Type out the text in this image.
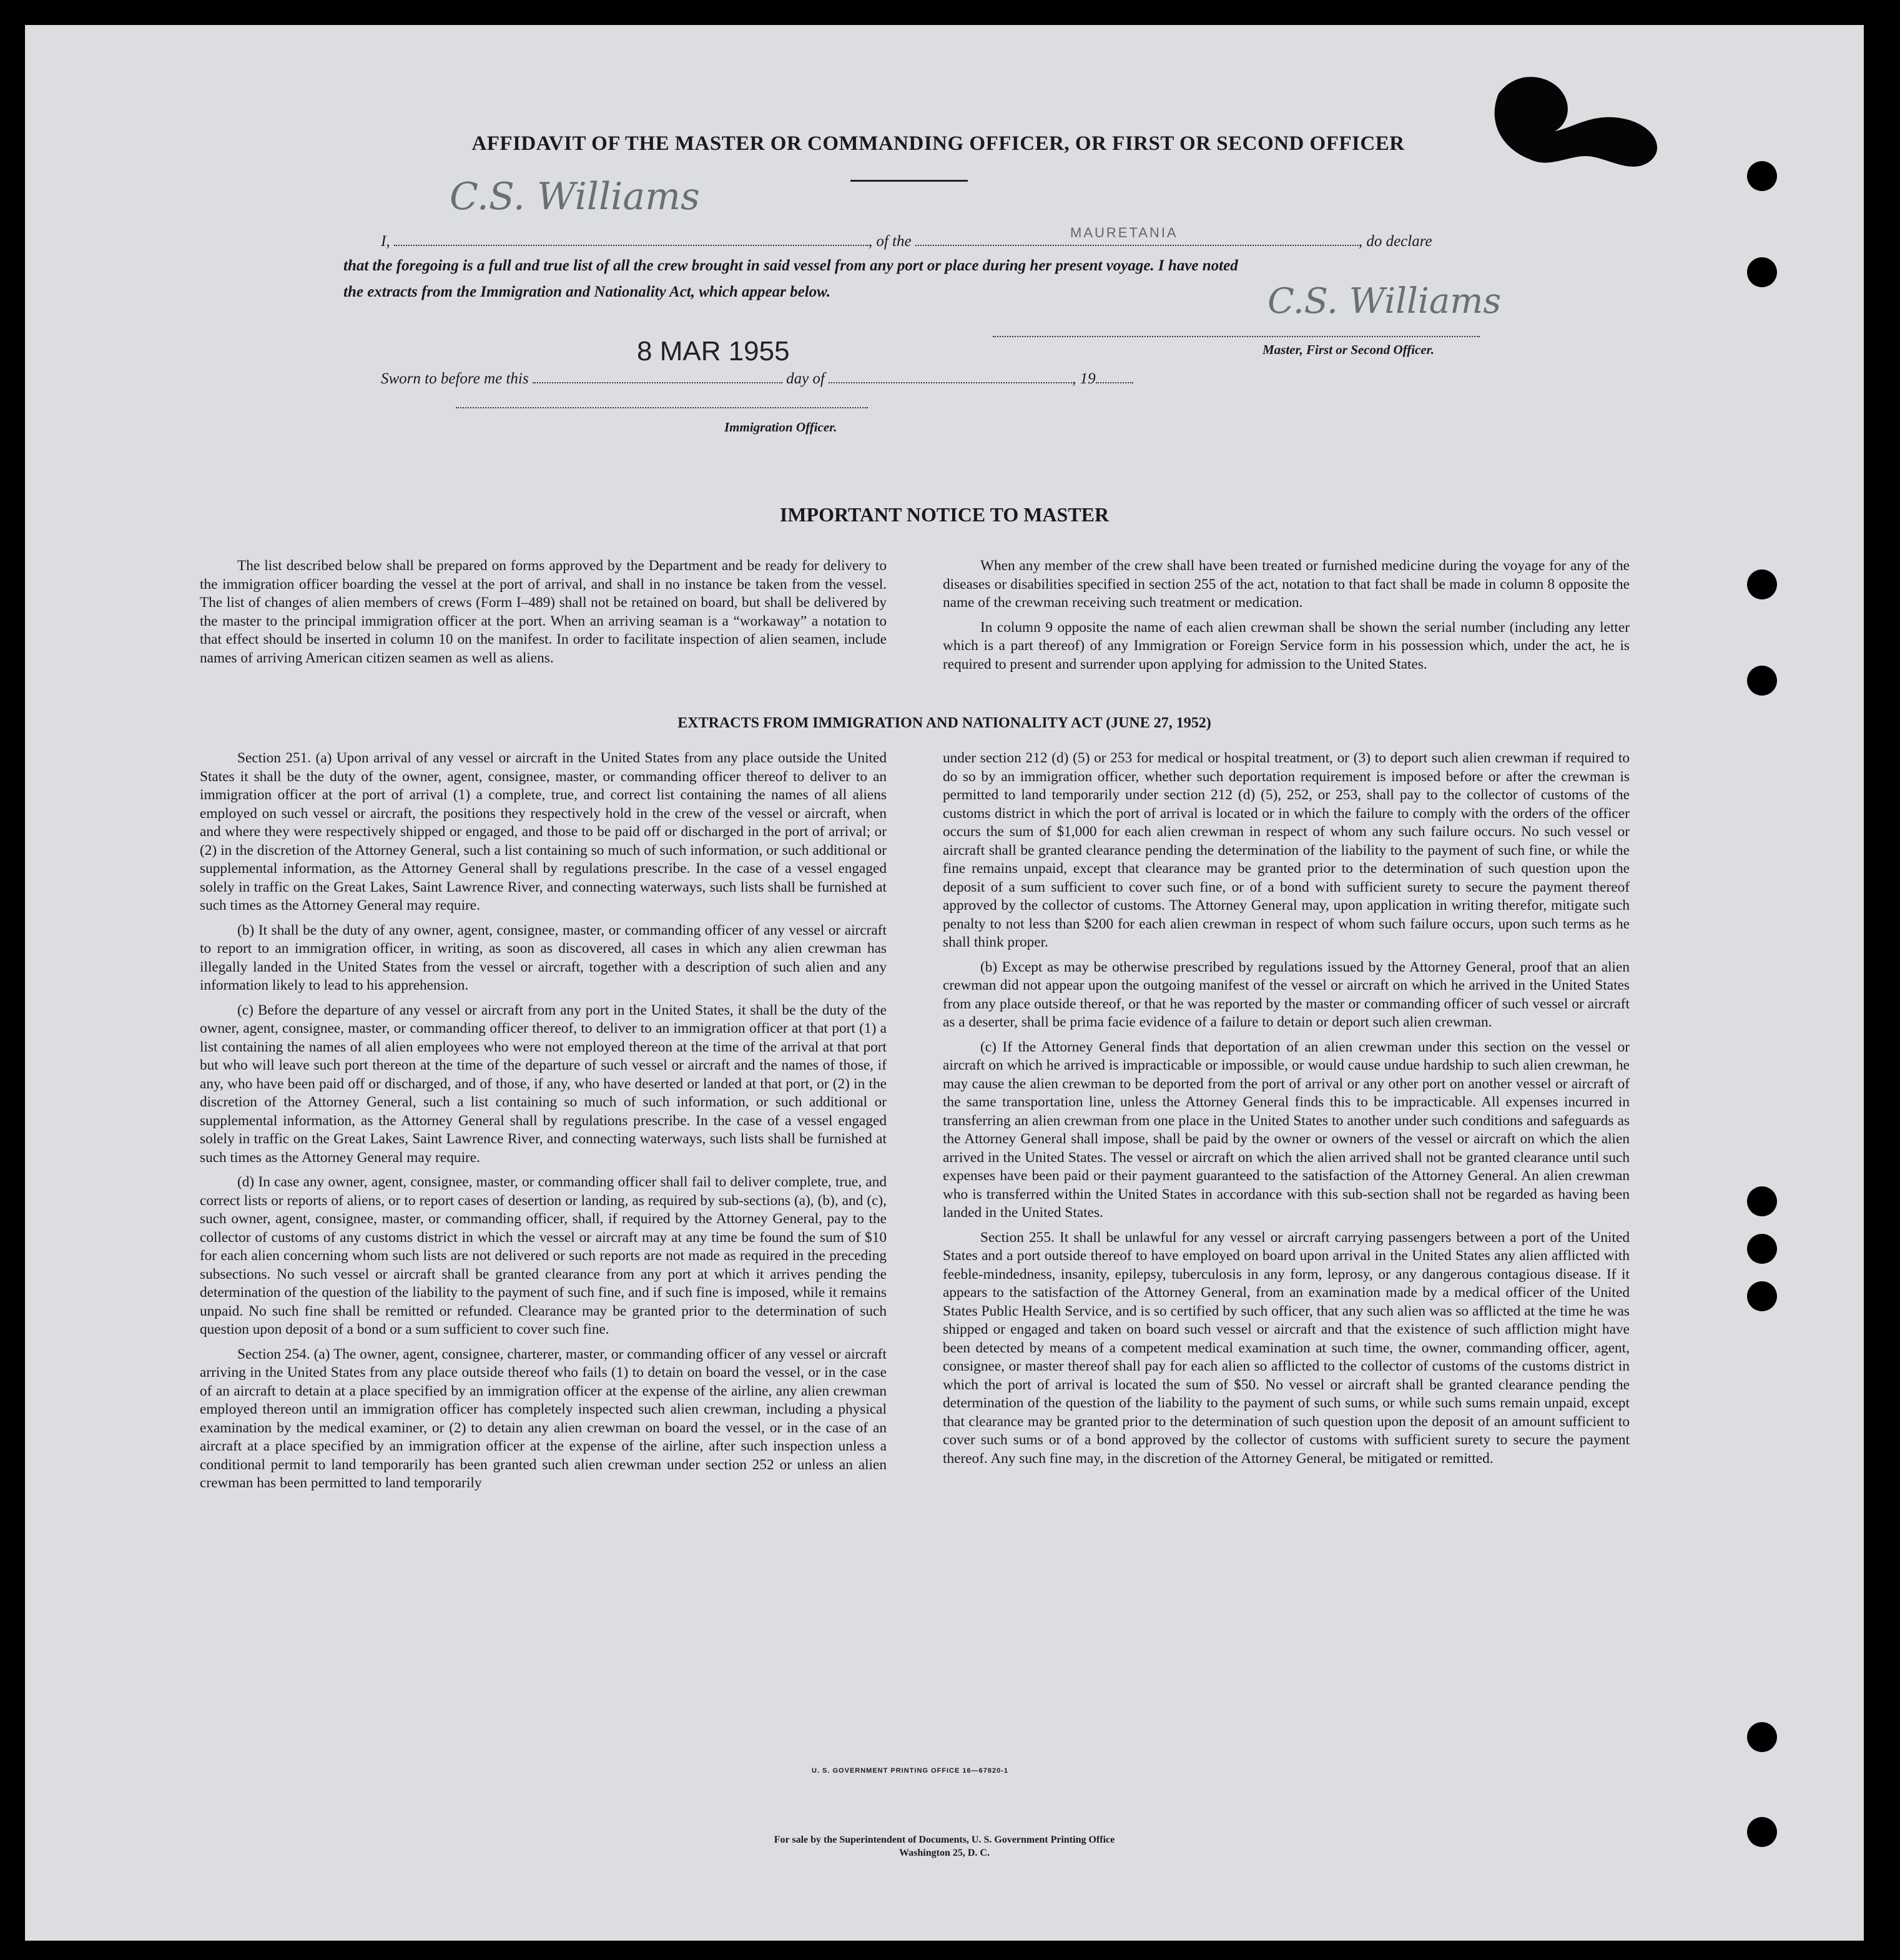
AFFIDAVIT OF THE MASTER OR COMMANDING OFFICER, OR FIRST OR SECOND OFFICER
C.S. Williams
I,	, of the	, do declare
MAURETANIA
that the foregoing is a full and true list of all the crew brought in said vessel from any port or place during her present voyage. I have noted
the extracts from the Immigration and Nationality Act, which appear below.	C.S. Williams
Master, First or Second Officer.
8 MAR 1955
Sworn to before me this	day of	, 19
Immigration Officer.
IMPORTANT NOTICE TO MASTER

The list described below shall be prepared on forms approved by the Department and be ready for delivery to the immigration officer boarding the vessel at the port of arrival, and shall in no instance be taken from the vessel. The list of changes of alien members of crews (Form I–489) shall not be retained on board, but shall be delivered by the master to the principal immigration officer at the port. When an arriving seaman is a “workaway” a notation to that effect should be inserted in column 10 on the manifest. In order to facilitate inspection of alien seamen, include names of arriving American citizen seamen as well as aliens.

When any member of the crew shall have been treated or furnished medicine during the voyage for any of the diseases or disabilities specified in section 255 of the act, notation to that fact shall be made in column 8 opposite the name of the crewman receiving such treatment or medication.

In column 9 opposite the name of each alien crewman shall be shown the serial number (including any letter which is a part thereof) of any Immigration or Foreign Service form in his possession which, under the act, he is required to present and surrender upon applying for admission to the United States.

EXTRACTS FROM IMMIGRATION AND NATIONALITY ACT (JUNE 27, 1952)

Section 251. (a) Upon arrival of any vessel or aircraft in the United States from any place outside the United States it shall be the duty of the owner, agent, consignee, master, or commanding officer thereof to deliver to an immigration officer at the port of arrival (1) a complete, true, and correct list containing the names of all aliens employed on such vessel or aircraft, the positions they respectively hold in the crew of the vessel or aircraft, when and where they were respectively shipped or engaged, and those to be paid off or discharged in the port of arrival; or (2) in the discretion of the Attorney General, such a list containing so much of such information, or such additional or supplemental information, as the Attorney General shall by regulations prescribe. In the case of a vessel engaged solely in traffic on the Great Lakes, Saint Lawrence River, and connecting waterways, such lists shall be furnished at such times as the Attorney General may require.

(b) It shall be the duty of any owner, agent, consignee, master, or commanding officer of any vessel or aircraft to report to an immigration officer, in writing, as soon as discovered, all cases in which any alien crewman has illegally landed in the United States from the vessel or aircraft, together with a description of such alien and any information likely to lead to his apprehension.

(c) Before the departure of any vessel or aircraft from any port in the United States, it shall be the duty of the owner, agent, consignee, master, or commanding officer thereof, to deliver to an immigration officer at that port (1) a list containing the names of all alien employees who were not employed thereon at the time of the arrival at that port but who will leave such port thereon at the time of the departure of such vessel or aircraft and the names of those, if any, who have been paid off or discharged, and of those, if any, who have deserted or landed at that port, or (2) in the discretion of the Attorney General, such a list containing so much of such information, or such additional or supplemental information, as the Attorney General shall by regulations prescribe. In the case of a vessel engaged solely in traffic on the Great Lakes, Saint Lawrence River, and connecting waterways, such lists shall be furnished at such times as the Attorney General may require.

(d) In case any owner, agent, consignee, master, or commanding officer shall fail to deliver complete, true, and correct lists or reports of aliens, or to report cases of desertion or landing, as required by sub-sections (a), (b), and (c), such owner, agent, consignee, master, or commanding officer, shall, if required by the Attorney General, pay to the collector of customs of any customs district in which the vessel or aircraft may at any time be found the sum of $10 for each alien concerning whom such lists are not delivered or such reports are not made as required in the preceding subsections. No such vessel or aircraft shall be granted clearance from any port at which it arrives pending the determination of the question of the liability to the payment of such fine, and if such fine is imposed, while it remains unpaid. No such fine shall be remitted or refunded. Clearance may be granted prior to the determination of such question upon deposit of a bond or a sum sufficient to cover such fine.

Section 254. (a) The owner, agent, consignee, charterer, master, or commanding officer of any vessel or aircraft arriving in the United States from any place outside thereof who fails (1) to detain on board the vessel, or in the case of an aircraft to detain at a place specified by an immigration officer at the expense of the airline, any alien crewman employed thereon until an immigration officer has completely inspected such alien crewman, including a physical examination by the medical examiner, or (2) to detain any alien crewman on board the vessel, or in the case of an aircraft at a place specified by an immigration officer at the expense of the airline, after such inspection unless a conditional permit to land temporarily has been granted such alien crewman under section 252 or unless an alien crewman has been permitted to land temporarily

under section 212 (d) (5) or 253 for medical or hospital treatment, or (3) to deport such alien crewman if required to do so by an immigration officer, whether such deportation requirement is imposed before or after the crewman is permitted to land temporarily under section 212 (d) (5), 252, or 253, shall pay to the collector of customs of the customs district in which the port of arrival is located or in which the failure to comply with the orders of the officer occurs the sum of $1,000 for each alien crewman in respect of whom any such failure occurs. No such vessel or aircraft shall be granted clearance pending the determination of the liability to the payment of such fine, or while the fine remains unpaid, except that clearance may be granted prior to the determination of such question upon the deposit of a sum sufficient to cover such fine, or of a bond with sufficient surety to secure the payment thereof approved by the collector of customs. The Attorney General may, upon application in writing therefor, mitigate such penalty to not less than $200 for each alien crewman in respect of whom such failure occurs, upon such terms as he shall think proper.

(b) Except as may be otherwise prescribed by regulations issued by the Attorney General, proof that an alien crewman did not appear upon the outgoing manifest of the vessel or aircraft on which he arrived in the United States from any place outside thereof, or that he was reported by the master or commanding officer of such vessel or aircraft as a deserter, shall be prima facie evidence of a failure to detain or deport such alien crewman.

(c) If the Attorney General finds that deportation of an alien crewman under this section on the vessel or aircraft on which he arrived is impracticable or impossible, or would cause undue hardship to such alien crewman, he may cause the alien crewman to be deported from the port of arrival or any other port on another vessel or aircraft of the same transportation line, unless the Attorney General finds this to be impracticable. All expenses incurred in transferring an alien crewman from one place in the United States to another under such conditions and safeguards as the Attorney General shall impose, shall be paid by the owner or owners of the vessel or aircraft on which the alien arrived in the United States. The vessel or aircraft on which the alien arrived shall not be granted clearance until such expenses have been paid or their payment guaranteed to the satisfaction of the Attorney General. An alien crewman who is transferred within the United States in accordance with this sub-section shall not be regarded as having been landed in the United States.

Section 255. It shall be unlawful for any vessel or aircraft carrying passengers between a port of the United States and a port outside thereof to have employed on board upon arrival in the United States any alien afflicted with feeble-mindedness, insanity, epilepsy, tuberculosis in any form, leprosy, or any dangerous contagious disease. If it appears to the satisfaction of the Attorney General, from an examination made by a medical officer of the United States Public Health Service, and is so certified by such officer, that any such alien was so afflicted at the time he was shipped or engaged and taken on board such vessel or aircraft and that the existence of such affliction might have been detected by means of a competent medical examination at such time, the owner, commanding officer, agent, consignee, or master thereof shall pay for each alien so afflicted to the collector of customs of the customs district in which the port of arrival is located the sum of $50. No vessel or aircraft shall be granted clearance pending the determination of the question of the liability to the payment of such sums, or while such sums remain unpaid, except that clearance may be granted prior to the determination of such question upon the deposit of an amount sufficient to cover such sums or of a bond approved by the collector of customs with sufficient surety to secure the payment thereof. Any such fine may, in the discretion of the Attorney General, be mitigated or remitted.

U. S. GOVERNMENT PRINTING OFFICE 16—67820-1
For sale by the Superintendent of Documents, U. S. Government Printing Office
Washington 25, D. C.
